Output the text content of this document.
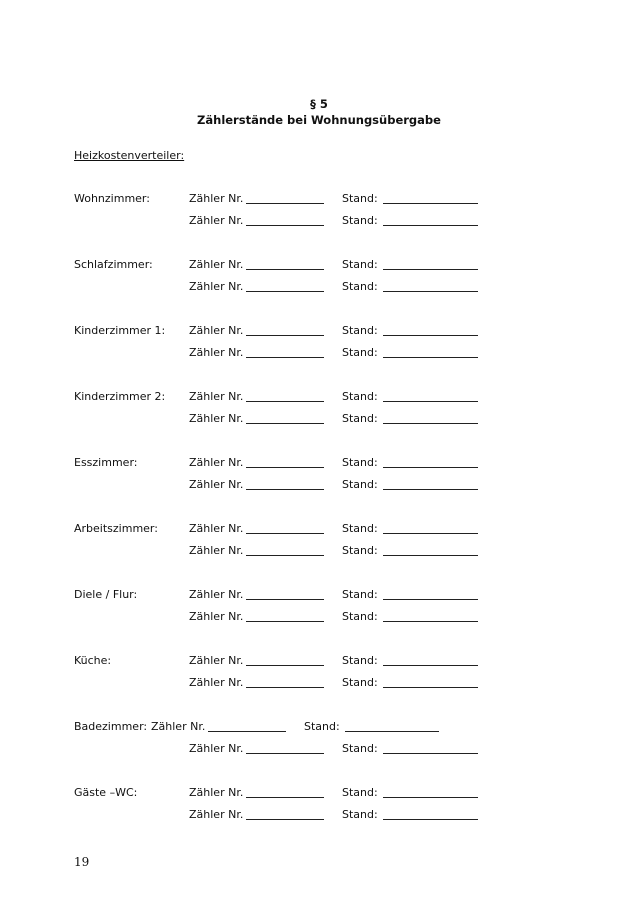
§ 5
Zählerstände bei Wohnungsübergabe
Heizkostenverteiler:
Wohnzimmer:	Zähler Nr.	Stand:
Zähler Nr.	Stand:
Schlafzimmer:	Zähler Nr.	Stand:
Zähler Nr.	Stand:
Kinderzimmer 1: Zähler Nr.	Stand:
Zähler Nr.	Stand:
Kinderzimmer 2: Zähler Nr.	Stand:
Zähler Nr.	Stand:
Esszimmer:	Zähler Nr.	Stand:
Zähler Nr.	Stand:
Arbeitszimmer:	Zähler Nr.	Stand:
Zähler Nr.	Stand:
Diele / Flur:	Zähler Nr.	Stand:
Zähler Nr.	Stand:
Küche:	Zähler Nr.	Stand:
Zähler Nr.	Stand:
Badezimmer: Zähler Nr.	Stand:
Zähler Nr.	Stand:
Gäste –WC:	Zähler Nr.	Stand:
Zähler Nr.	Stand:
19
